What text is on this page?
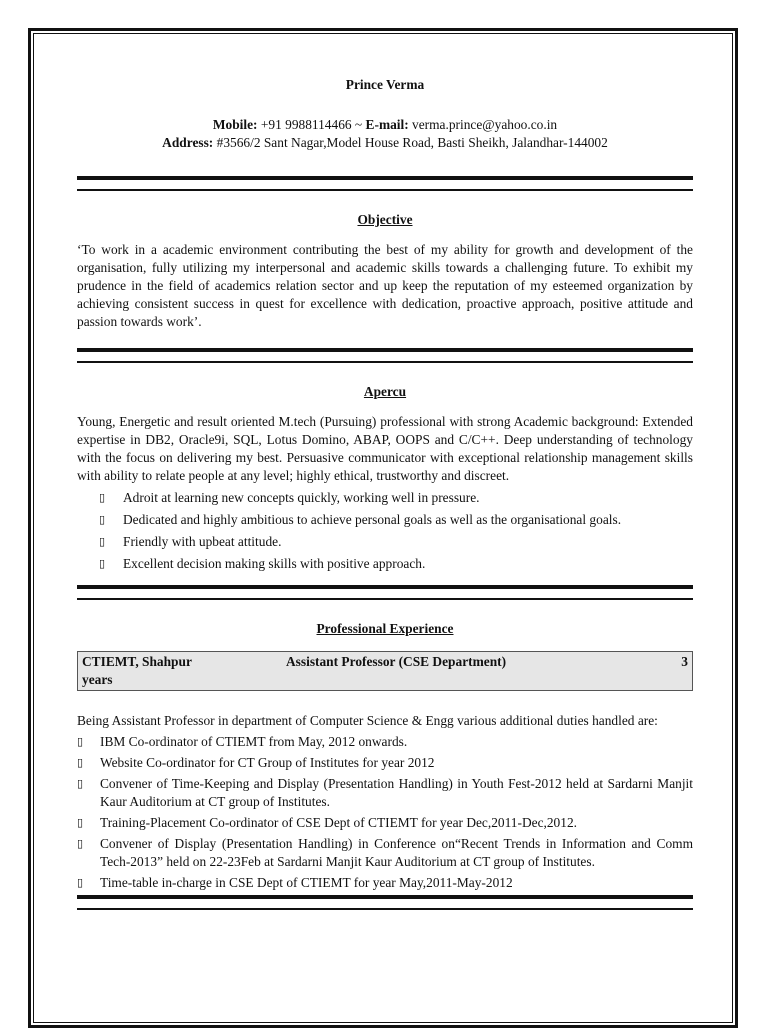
Prince Verma
Mobile: +91 9988114466 ~ E-mail: verma.prince@yahoo.co.in
Address: #3566/2 Sant Nagar,Model House Road, Basti Sheikh, Jalandhar-144002
Objective
‘To work in a academic environment contributing the best of my ability for growth and development of the organisation, fully utilizing my interpersonal and academic skills towards a challenging future. To exhibit my prudence in the field of academics relation sector and up keep the reputation of my esteemed organization by achieving consistent success in quest for excellence with dedication, proactive approach, positive attitude and passion towards work’.
Apercu
Young, Energetic and result oriented M.tech (Pursuing) professional with strong Academic background: Extended expertise in DB2, Oracle9i, SQL, Lotus Domino, ABAP, OOPS and C/C++. Deep understanding of technology with the focus on delivering my best. Persuasive communicator with exceptional relationship management skills with ability to relate people at any level; highly ethical, trustworthy and discreet.
▯ Adroit at learning new concepts quickly, working well in pressure.
▯ Dedicated and highly ambitious to achieve personal goals as well as the organisational goals.
▯ Friendly with upbeat attitude.
▯ Excellent decision making skills with positive approach.
Professional Experience
CTIEMT, Shahpur	Assistant Professor (CSE Department)	3
years
Being Assistant Professor in department of Computer Science & Engg various additional duties handled are:
▯ IBM Co-ordinator of CTIEMT from May, 2012 onwards.
▯ Website Co-ordinator for CT Group of Institutes for year 2012
▯ Convener of Time-Keeping and Display (Presentation Handling) in Youth Fest-2012 held at Sardarni Manjit Kaur Auditorium at CT group of Institutes.
▯ Training-Placement Co-ordinator of CSE Dept of CTIEMT for year Dec,2011-Dec,2012.
▯ Convener of Display (Presentation Handling) in Conference on“Recent Trends in Information and Comm Tech-2013” held on 22-23Feb at Sardarni Manjit Kaur Auditorium at CT group of Institutes.
▯ Time-table in-charge in CSE Dept of CTIEMT for year May,2011-May-2012
